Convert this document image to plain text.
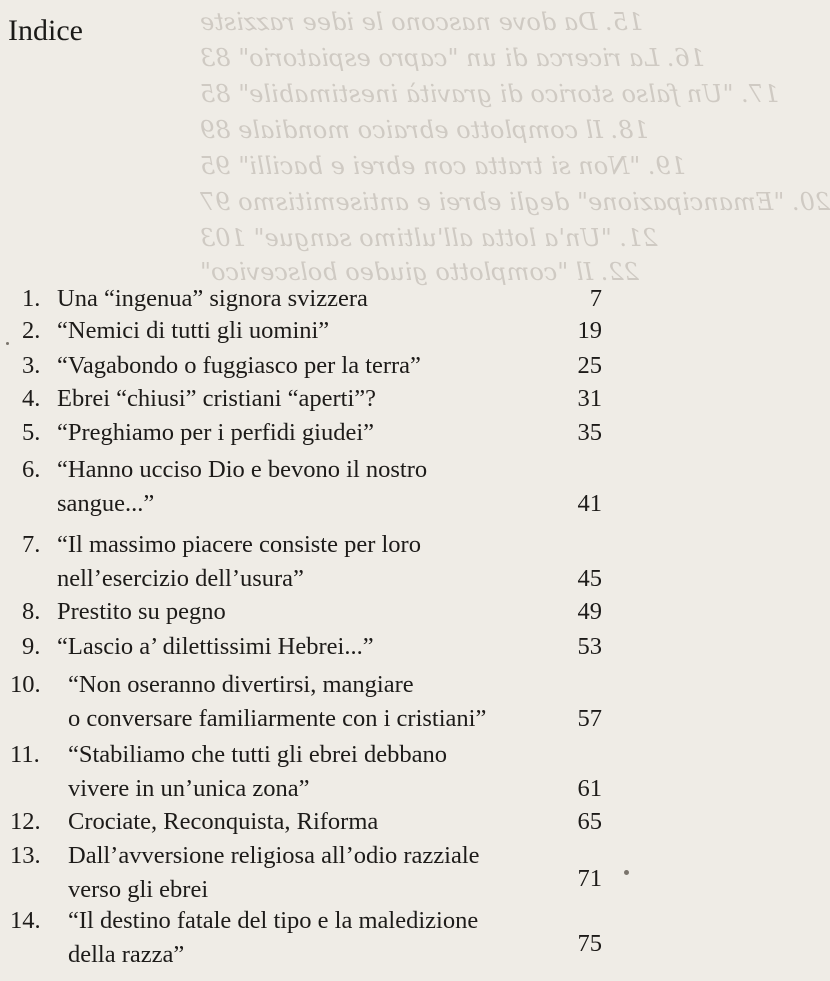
15. Da dove nascono le idee razziste
16. La ricerca di un "capro espiatorio" 83
17. "Un falso storico di gravità inestimabile" 85
18. Il complotto ebraico mondiale 89
19. "Non si tratta con ebrei e bacilli" 95
20. "Emancipazione" degli ebrei e antisemitismo 97
21. "Un'a lotta all'ultimo sangue" 103
22. Il "complotto giudeo bolscevico"
Indice
1. Una “ingenua” signora svizzera	7
2. “Nemici di tutti gli uomini”	19
3. “Vagabondo o fuggiasco per la terra”	25
4. Ebrei “chiusi” cristiani “aperti”?	31
5. “Preghiamo per i perfidi giudei”	35
6. “Hanno ucciso Dio e bevono il nostro
sangue...”	41
7. “Il massimo piacere consiste per loro
nell’esercizio dell’usura”	45
8. Prestito su pegno	49
9. “Lascio a’ dilettissimi Hebrei...”	53
10. “Non oseranno divertirsi, mangiare
o conversare familiarmente con i cristiani”	57
11. “Stabiliamo che tutti gli ebrei debbano
vivere in un’unica zona”	61
12. Crociate, Reconquista, Riforma	65
13. Dall’avversione religiosa all’odio razziale
verso gli ebrei	71
14. “Il destino fatale del tipo e la maledizione
della razza”	75
